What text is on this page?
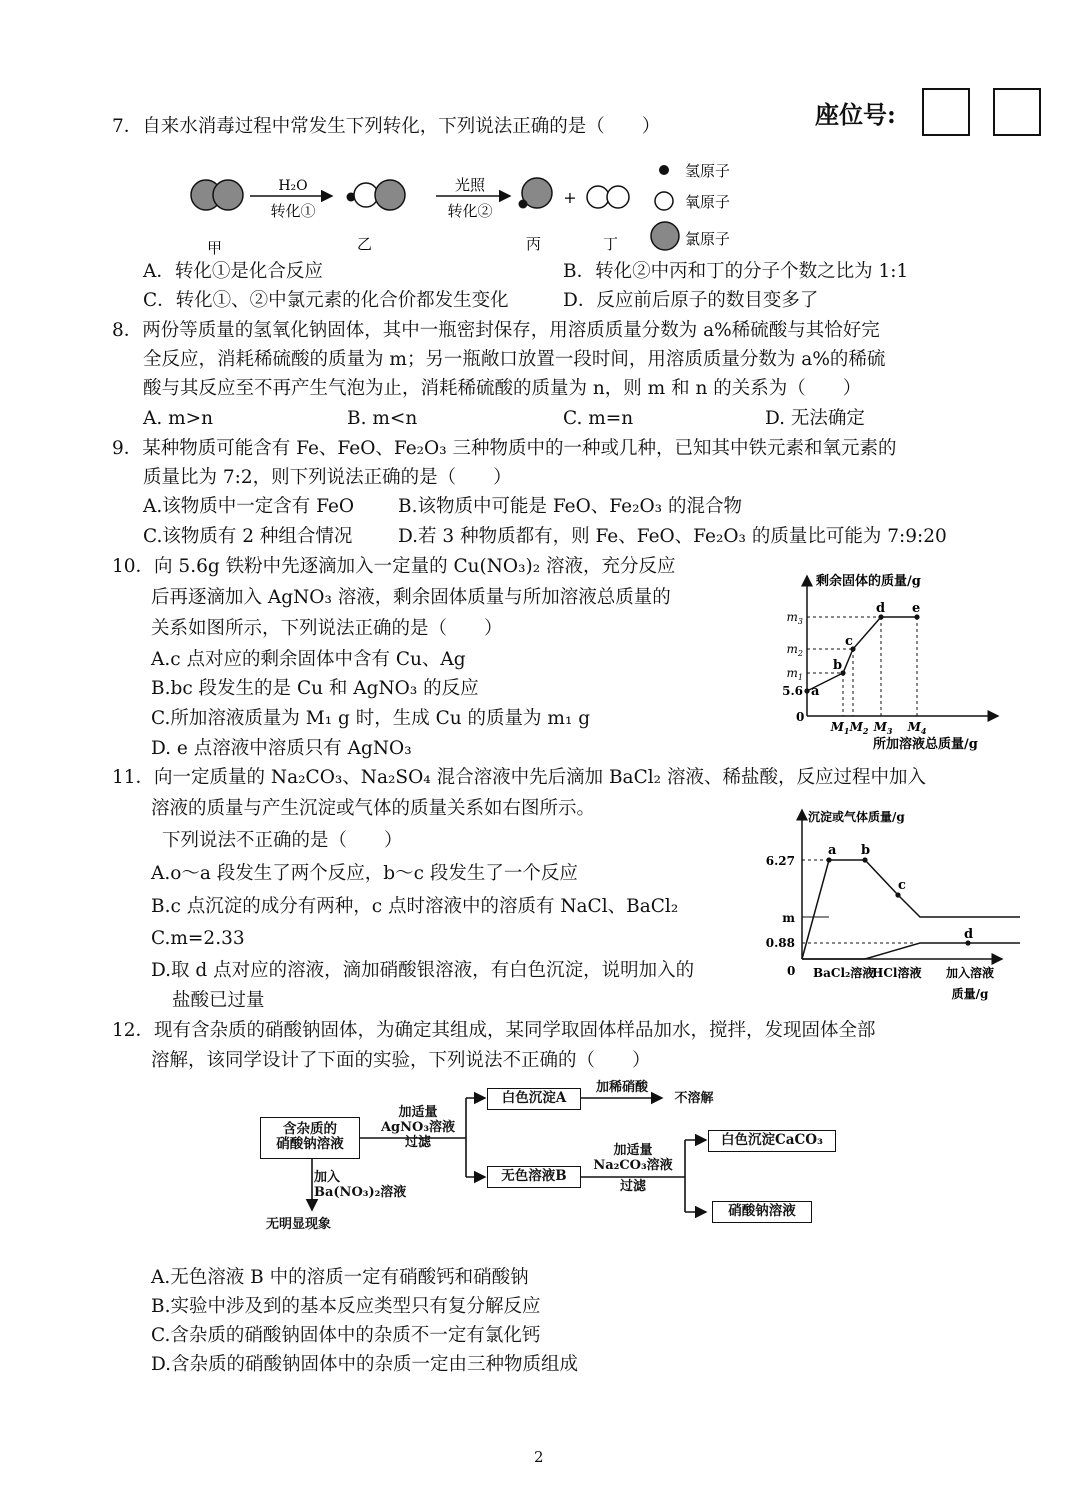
座位号:
7．自来水消毒过程中常发生下列转化，下列说法正确的是（　　）
H₂O
转化①
光照
转化②
+
氢原子
氧原子
氯原子
甲	乙	丙	丁
A．转化①是化合反应	B．转化②中丙和丁的分子个数之比为 1:1
C．转化①、②中氯元素的化合价都发生变化	D．反应前后原子的数目变多了
8．两份等质量的氢氧化钠固体，其中一瓶密封保存，用溶质质量分数为 a%稀硫酸与其恰好完
全反应，消耗稀硫酸的质量为 m；另一瓶敞口放置一段时间，用溶质质量分数为 a%的稀硫
酸与其反应至不再产生气泡为止，消耗稀硫酸的质量为 n，则 m 和 n 的关系为（　　）
A. m>n	B. m<n	C. m=n	D. 无法确定
9．某种物质可能含有 Fe、FeO、Fe₂O₃ 三种物质中的一种或几种，已知其中铁元素和氧元素的
质量比为 7:2，则下列说法正确的是（　　）
A.该物质中一定含有 FeO B.该物质中可能是 FeO、Fe₂O₃ 的混合物
C.该物质有 2 种组合情况 D.若 3 种物质都有，则 Fe、FeO、Fe₂O₃ 的质量比可能为 7:9:20
10．向 5.6g 铁粉中先逐滴加入一定量的 Cu(NO₃)₂ 溶液，充分反应
后再逐滴加入 AgNO₃ 溶液，剩余固体质量与所加溶液总质量的
关系如图所示，下列说法正确的是（　　）
A.c 点对应的剩余固体中含有 Cu、Ag
B.bc 段发生的是 Cu 和 AgNO₃ 的反应
C.所加溶液质量为 M₁ g 时，生成 Cu 的质量为 m₁ g
D. e 点溶液中溶质只有 AgNO₃
剩余固体的质量/g
所加溶液总质量/g
a
b
c
d e
$m_3$
$m_2$
$m_1$
5.6
0
$M_1$ $M_2$ $M_3$ $M_4$
11．向一定质量的 Na₂CO₃、Na₂SO₄ 混合溶液中先后滴加 BaCl₂ 溶液、稀盐酸，反应过程中加入
溶液的质量与产生沉淀或气体的质量关系如右图所示。
下列说法不正确的是（　　）
A.o～a 段发生了两个反应，b～c 段发生了一个反应
B.c 点沉淀的成分有两种，c 点时溶液中的溶质有 NaCl、BaCl₂
C.m=2.33
D.取 d 点对应的溶液，滴加硝酸银溶液，有白色沉淀，说明加入的
盐酸已过量
沉淀或气体质量/g
6.27
m
0.88
0 BaCl₂溶液
HCl溶液 加入溶液
质量/g
a b
c
d
12．现有含杂质的硝酸钠固体，为确定其组成，某同学取固体样品加水，搅拌，发现固体全部
溶解，该同学设计了下面的实验，下列说法不正确的（　　）
含杂质的
硝酸钠溶液
加适量
AgNO₃溶液
过滤
白色沉淀A
加稀硝酸
不溶解
无色溶液B
加适量
Na₂CO₃溶液
过滤
白色沉淀CaCO₃
硝酸钠溶液
加入
Ba(NO₃)₂溶液
无明显现象
A.无色溶液 B 中的溶质一定有硝酸钙和硝酸钠
B.实验中涉及到的基本反应类型只有复分解反应
C.含杂质的硝酸钠固体中的杂质不一定有氯化钙
D.含杂质的硝酸钠固体中的杂质一定由三种物质组成
2
